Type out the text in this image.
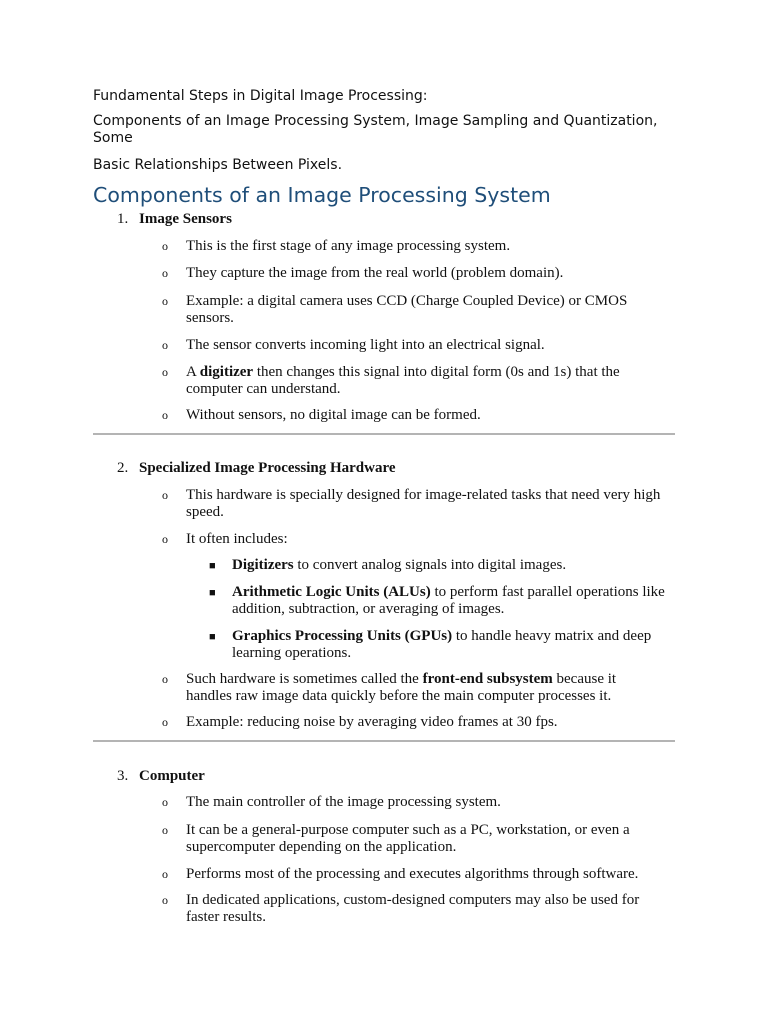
Fundamental Steps in Digital Image Processing:

Components of an Image Processing System, Image Sampling and Quantization, Some

Basic Relationships Between Pixels.

Components of an Image Processing System
1. Image Sensors
o This is the first stage of any image processing system.
o They capture the image from the real world (problem domain).
o Example: a digital camera uses CCD (Charge Coupled Device) or CMOS sensors.
o The sensor converts incoming light into an electrical signal.
o A digitizer then changes this signal into digital form (0s and 1s) that the computer can understand.
o Without sensors, no digital image can be formed.
2. Specialized Image Processing Hardware
o This hardware is specially designed for image-related tasks that need very high speed.
o It often includes:
■ Digitizers to convert analog signals into digital images.
■ Arithmetic Logic Units (ALUs) to perform fast parallel operations like addition, subtraction, or averaging of images.
■ Graphics Processing Units (GPUs) to handle heavy matrix and deep learning operations.
o Such hardware is sometimes called the front-end subsystem because it handles raw image data quickly before the main computer processes it.
o Example: reducing noise by averaging video frames at 30 fps.
3. Computer
o The main controller of the image processing system.
o It can be a general-purpose computer such as a PC, workstation, or even a supercomputer depending on the application.
o Performs most of the processing and executes algorithms through software.
o In dedicated applications, custom-designed computers may also be used for faster results.
